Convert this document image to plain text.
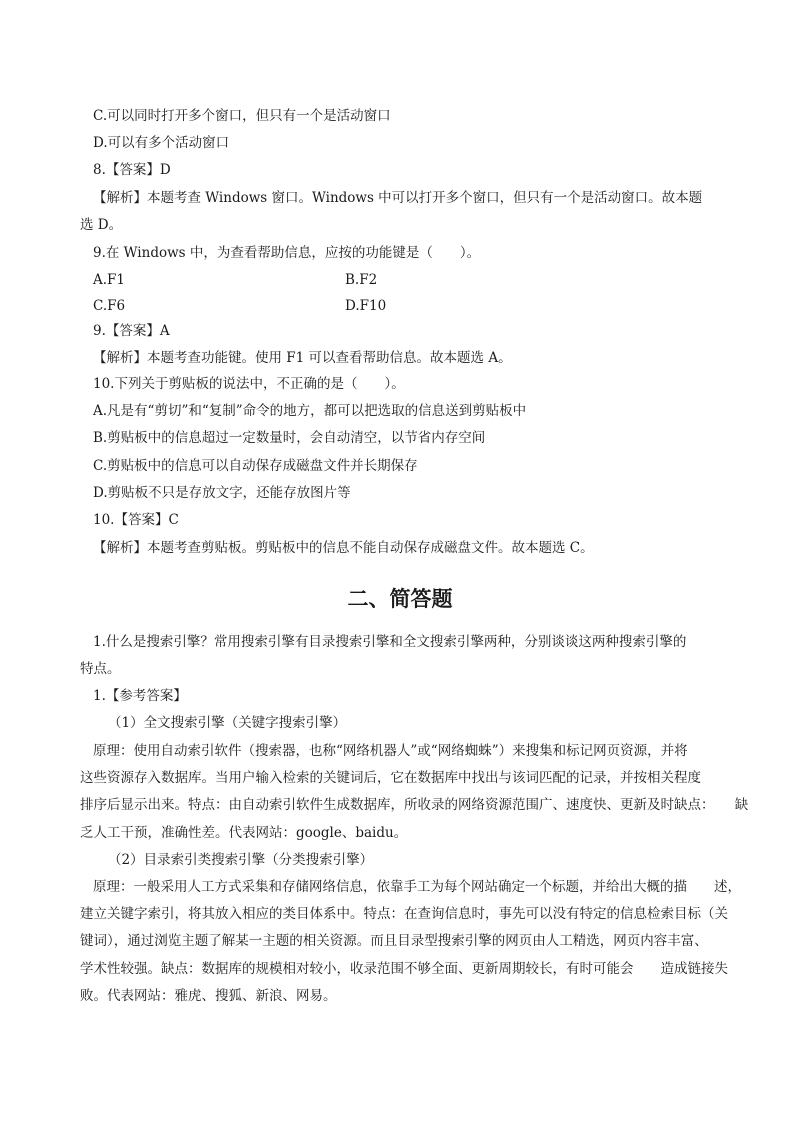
C.可以同时打开多个窗口，但只有一个是活动窗口
D.可以有多个活动窗口
8.【答案】D
【解析】本题考查 Windows 窗口。Windows 中可以打开多个窗口，但只有一个是活动窗口。故本题
选 D。
9.在 Windows 中，为查看帮助信息，应按的功能键是（　　）。
A.F1	B.F2
C.F6	D.F10
9.【答案】A
【解析】本题考查功能键。使用 F1 可以查看帮助信息。故本题选 A。
10.下列关于剪贴板的说法中，不正确的是（　　）。
A.凡是有“剪切”和“复制”命令的地方，都可以把选取的信息送到剪贴板中
B.剪贴板中的信息超过一定数量时，会自动清空，以节省内存空间
C.剪贴板中的信息可以自动保存成磁盘文件并长期保存
D.剪贴板不只是存放文字，还能存放图片等
10.【答案】C
【解析】本题考查剪贴板。剪贴板中的信息不能自动保存成磁盘文件。故本题选 C。
二、简答题
1.什么是搜索引擎？常用搜索引擎有目录搜索引擎和全文搜索引擎两种，分别谈谈这两种搜索引擎的
特点。
1.【参考答案】
（1）全文搜索引擎（关键字搜索引擎）
原理：使用自动索引软件（搜索器，也称“网络机器人”或“网络蜘蛛”）来搜集和标记网页资源，并将
这些资源存入数据库。当用户输入检索的关键词后，它在数据库中找出与该词匹配的记录，并按相关程度
排序后显示出来。特点：由自动索引软件生成数据库，所收录的网络资源范围广、速度快、更新及时缺点：　　缺
乏人工干预，准确性差。代表网站：google、baidu。
（2）目录索引类搜索引擎（分类搜索引擎）
原理：一般采用人工方式采集和存储网络信息，依靠手工为每个网站确定一个标题，并给出大概的描　　述，
建立关键字索引，将其放入相应的类目体系中。特点：在查询信息时，事先可以没有特定的信息检索目标（关
键词），通过浏览主题了解某一主题的相关资源。而且目录型搜索引擎的网页由人工精选，网页内容丰富、
学术性较强。缺点：数据库的规模相对较小，收录范围不够全面、更新周期较长，有时可能会　　造成链接失
败。代表网站：雅虎、搜狐、新浪、网易。
